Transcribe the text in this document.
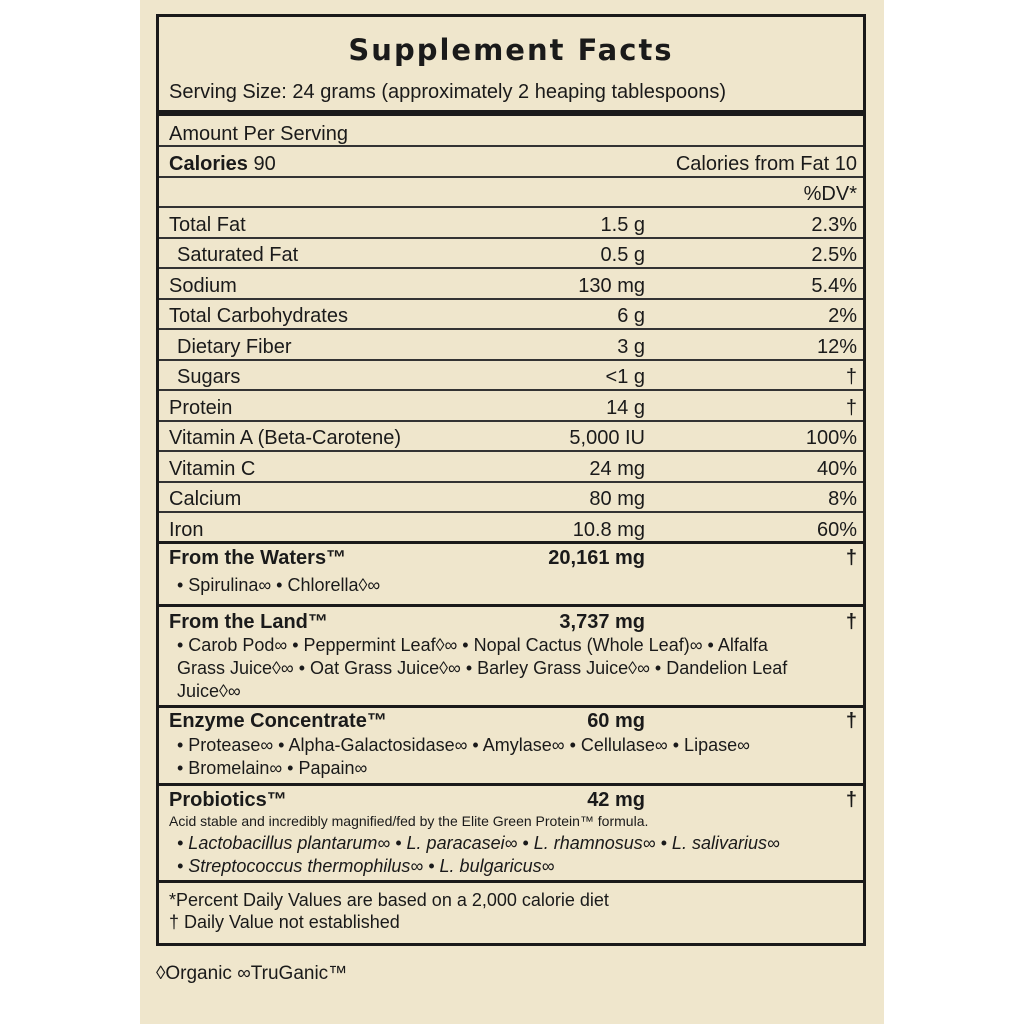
Supplement Facts
Serving Size: 24 grams (approximately 2 heaping tablespoons)
Amount Per Serving
Calories 90	Calories from Fat 10
%DV*
Total Fat	1.5 g	2.3%
Saturated Fat	0.5 g	2.5%
Sodium	130 mg	5.4%
Total Carbohydrates	6 g	2%
Dietary Fiber	3 g	12%
Sugars	<1 g	†
Protein	14 g	†
Vitamin A (Beta-Carotene)	5,000 IU	100%
Vitamin C	24 mg	40%
Calcium	80 mg	8%
Iron	10.8 mg	60%
From the Waters™	20,161 mg	†
• Spirulina∞ • Chlorella◊∞
From the Land™	3,737 mg	†
• Carob Pod∞ • Peppermint Leaf◊∞ • Nopal Cactus (Whole Leaf)∞ • Alfalfa
Grass Juice◊∞ • Oat Grass Juice◊∞ • Barley Grass Juice◊∞ • Dandelion Leaf
Juice◊∞
Enzyme Concentrate™	60 mg	†
• Protease∞ • Alpha-Galactosidase∞ • Amylase∞ • Cellulase∞ • Lipase∞
• Bromelain∞ • Papain∞
Probiotics™	42 mg	†
Acid stable and incredibly magnified/fed by the Elite Green Protein™ formula.
• Lactobacillus plantarum∞ • L. paracasei∞ • L. rhamnosus∞ • L. salivarius∞
• Streptococcus thermophilus∞ • L. bulgaricus∞
*Percent Daily Values are based on a 2,000 calorie diet
† Daily Value not established
◊Organic ∞TruGanic™
